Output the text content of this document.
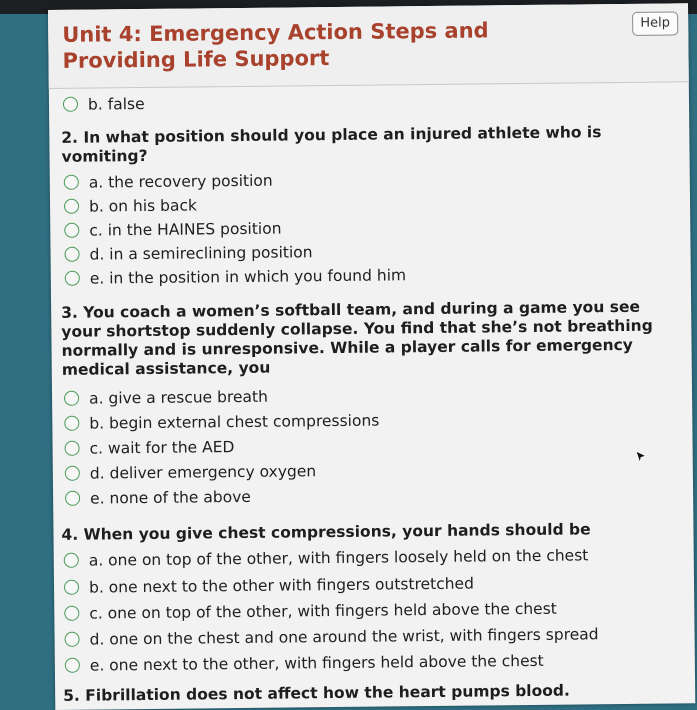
Unit 4: Emergency Action Steps and
Providing Life Support
Help
b. false
2. In what position should you place an injured athlete who is vomiting?
a. the recovery position
b. on his back
c. in the HAINES position
d. in a semireclining position
e. in the position in which you found him
3. You coach a women’s softball team, and during a game you see your shortstop suddenly collapse. You find that she’s not breathing normally and is unresponsive. While a player calls for emergency medical assistance, you
a. give a rescue breath
b. begin external chest compressions
c. wait for the AED
d. deliver emergency oxygen
e. none of the above
4. When you give chest compressions, your hands should be
a. one on top of the other, with fingers loosely held on the chest
b. one next to the other with fingers outstretched
c. one on top of the other, with fingers held above the chest
d. one on the chest and one around the wrist, with fingers spread
e. one next to the other, with fingers held above the chest
5. Fibrillation does not affect how the heart pumps blood.
